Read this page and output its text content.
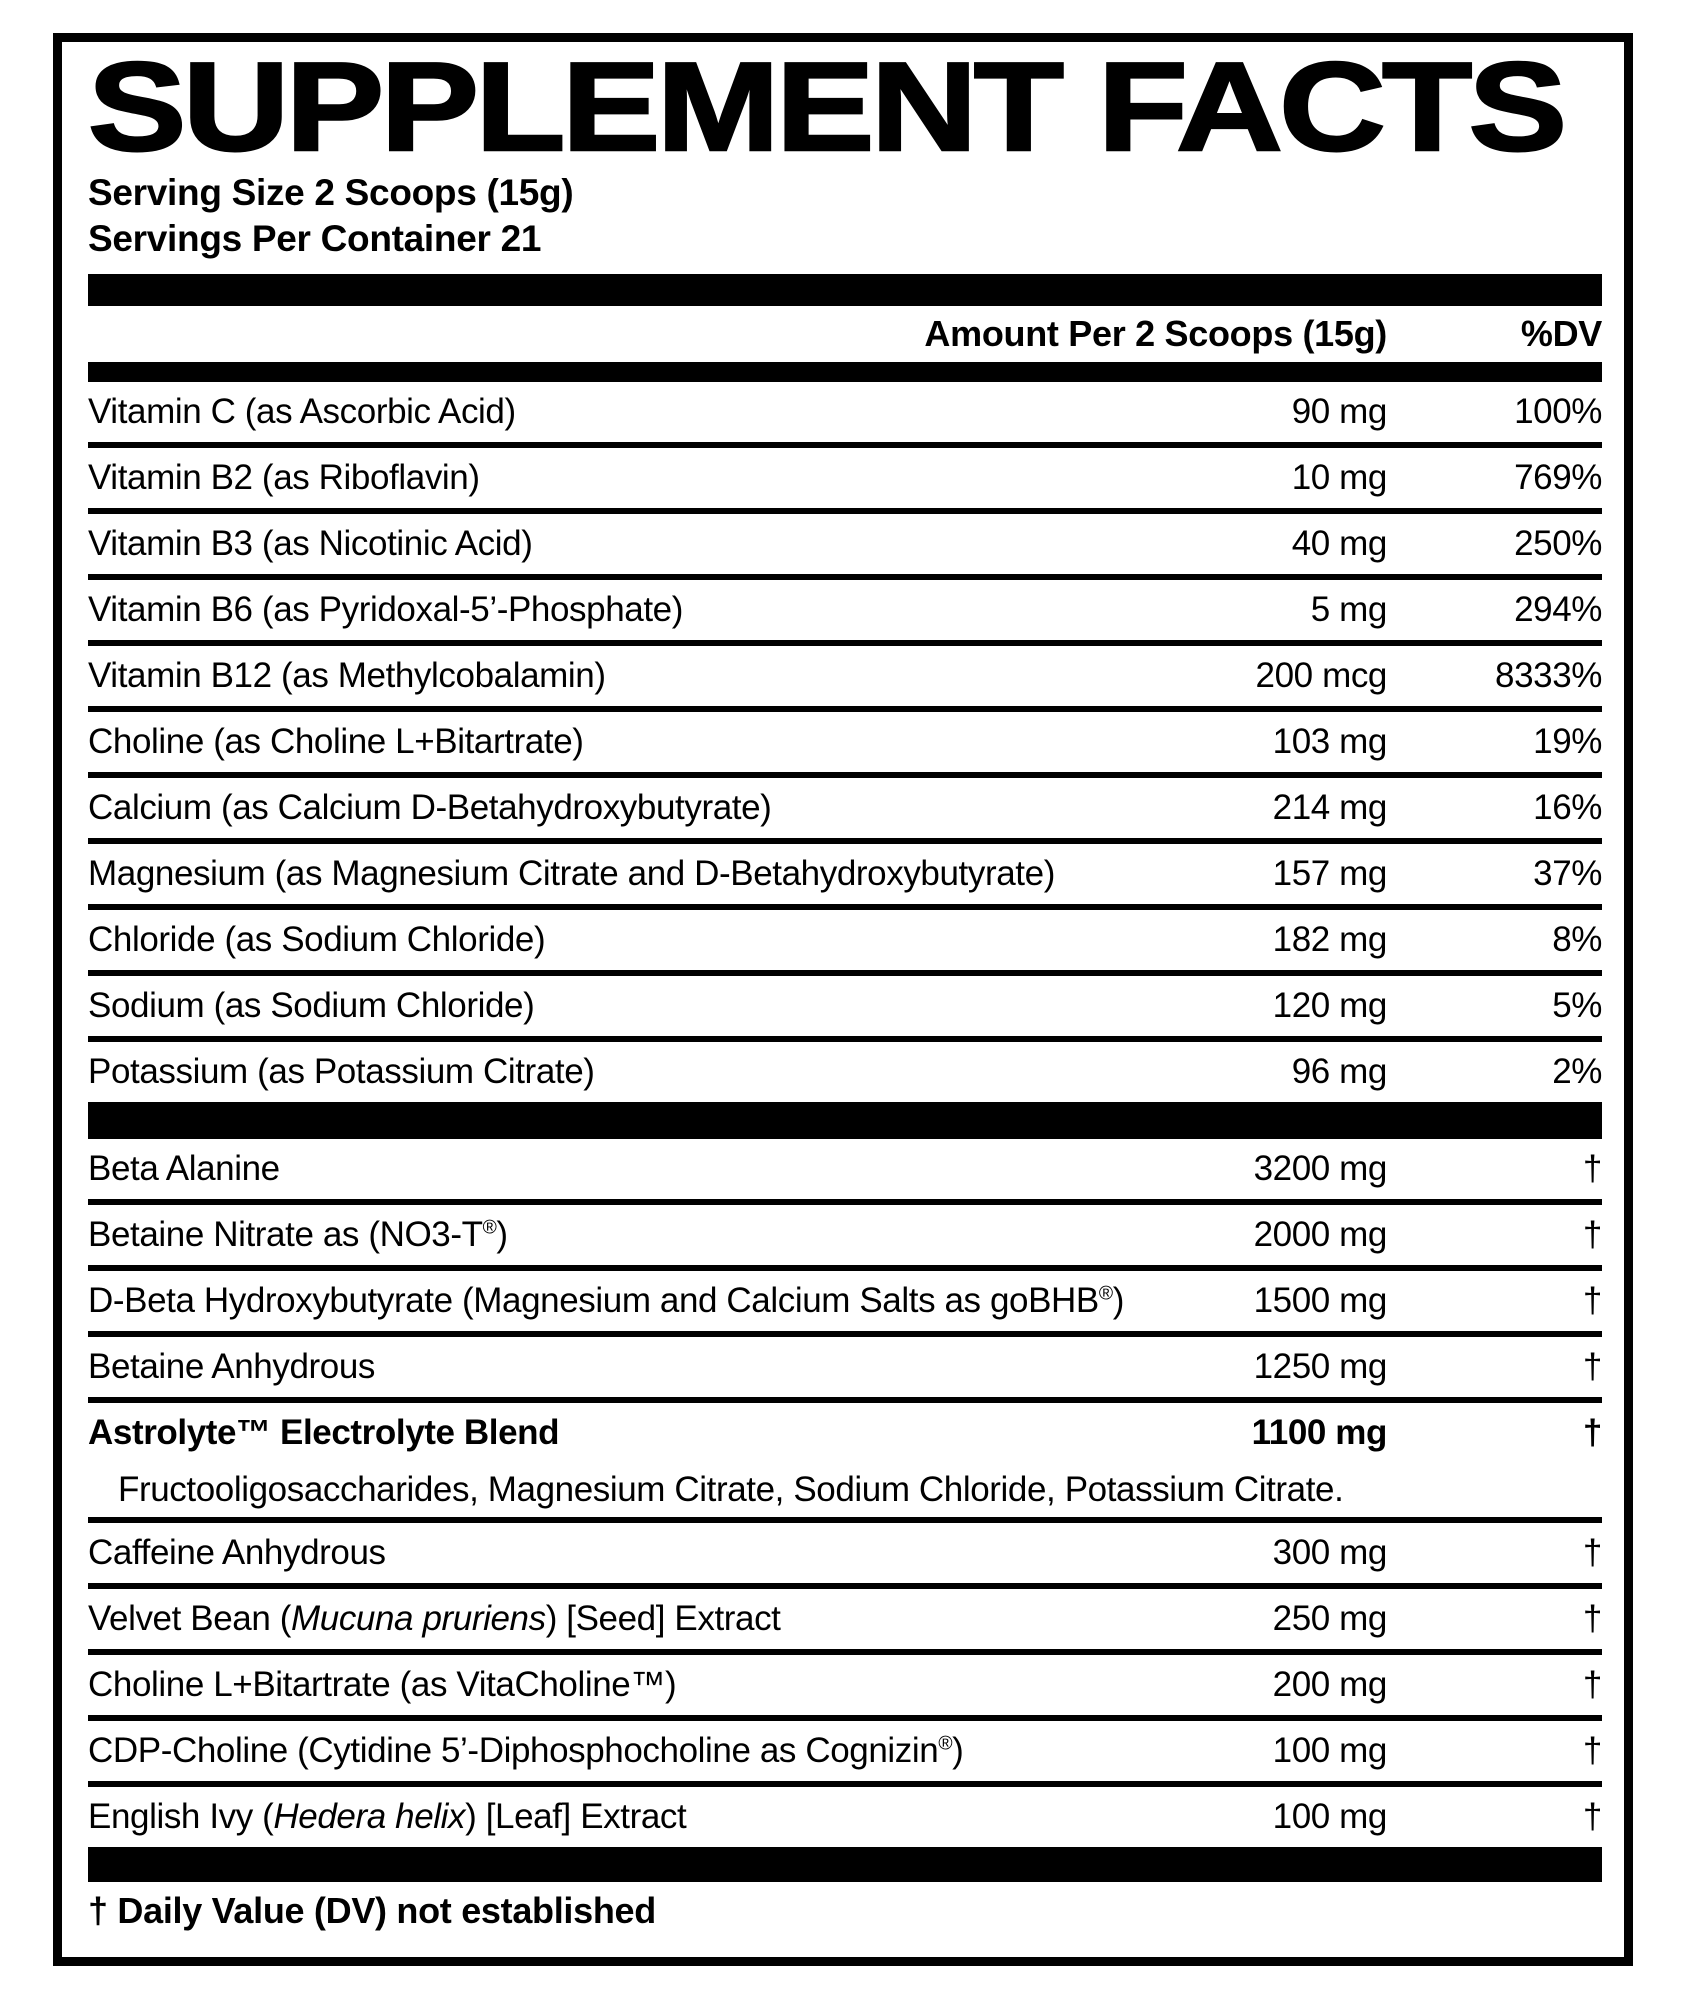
SUPPLEMENT FACTS
Serving Size 2 Scoops (15g)
Servings Per Container 21
Amount Per 2 Scoops (15g)	%DV
Vitamin C (as Ascorbic Acid)	90 mg	100%
Vitamin B2 (as Riboflavin)	10 mg	769%
Vitamin B3 (as Nicotinic Acid)	40 mg	250%
Vitamin B6 (as Pyridoxal-5’-Phosphate)	5 mg	294%
Vitamin B12 (as Methylcobalamin)	200 mcg	8333%
Choline (as Choline L+Bitartrate)	103 mg	19%
Calcium (as Calcium D-Betahydroxybutyrate)	214 mg	16%
Magnesium (as Magnesium Citrate and D-Betahydroxybutyrate)	157 mg	37%
Chloride (as Sodium Chloride)	182 mg	8%
Sodium (as Sodium Chloride)	120 mg	5%
Potassium (as Potassium Citrate)	96 mg	2%
Beta Alanine	3200 mg	†
Betaine Nitrate as (NO3-T®)	2000 mg	†
D-Beta Hydroxybutyrate (Magnesium and Calcium Salts as goBHB®)	1500 mg	†
Betaine Anhydrous	1250 mg	†
Astrolyte™ Electrolyte Blend	1100 mg	†
Fructooligosaccharides, Magnesium Citrate, Sodium Chloride, Potassium Citrate.
Caffeine Anhydrous	300 mg	†
Velvet Bean (Mucuna pruriens) [Seed] Extract	250 mg	†
Choline L+Bitartrate (as VitaCholine™)	200 mg	†
CDP-Choline (Cytidine 5’-Diphosphocholine as Cognizin®)	100 mg	†
English Ivy (Hedera helix) [Leaf] Extract	100 mg	†
† Daily Value (DV) not established
